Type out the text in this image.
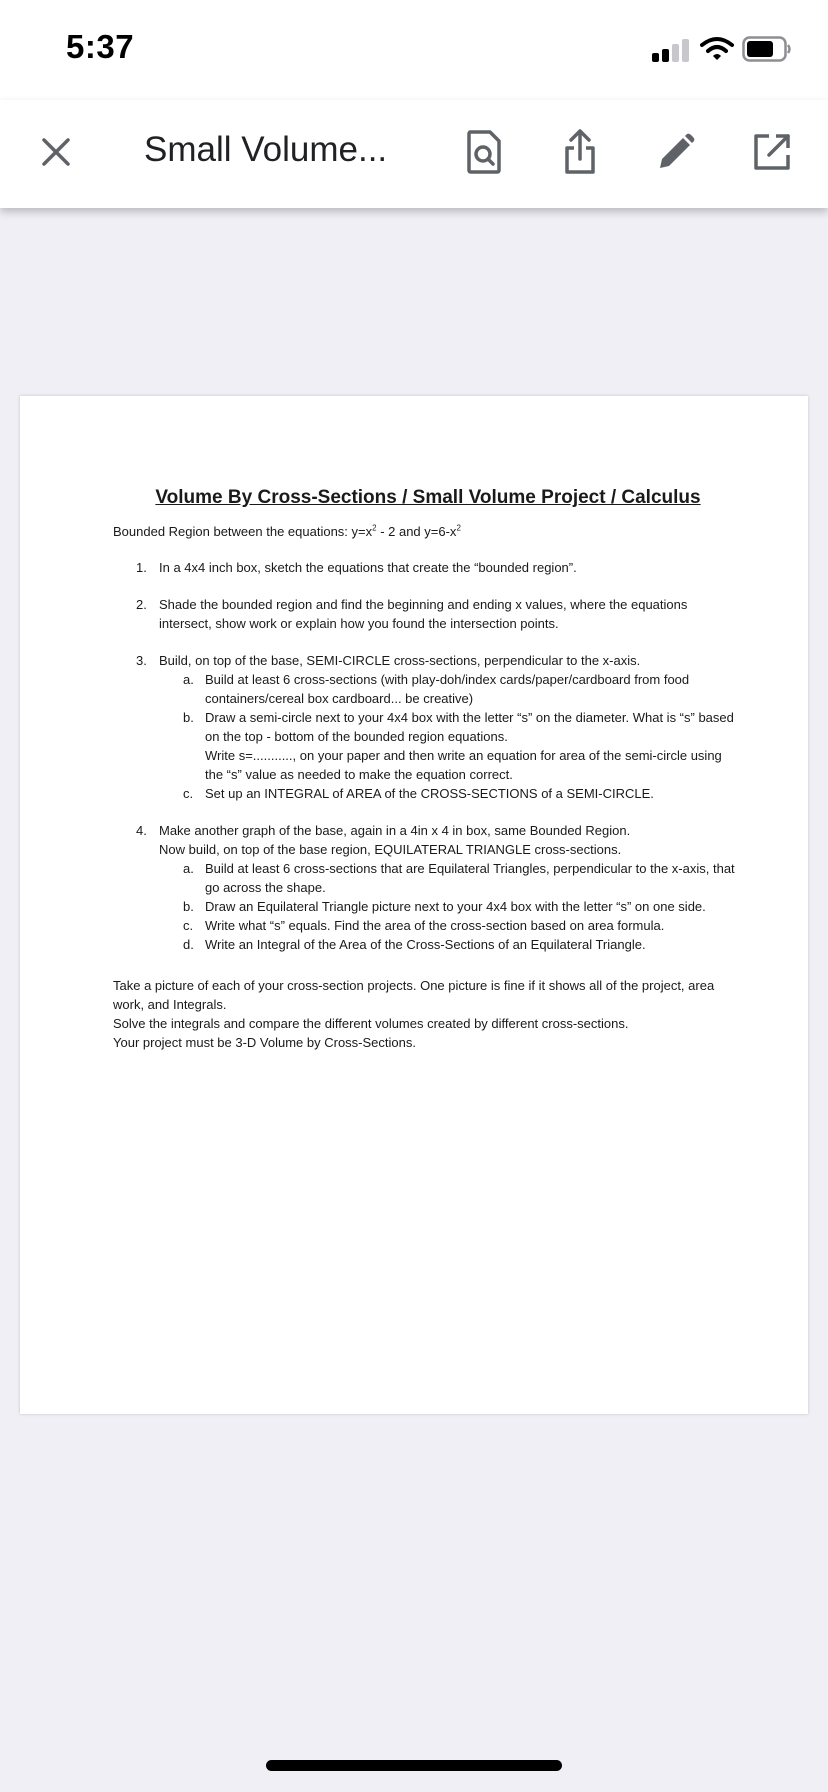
5:37
Small Volume...
Volume By Cross-Sections / Small Volume Project / Calculus
Bounded Region between the equations: $y=x^2 - 2$ and $y=6-x^2$
1. In a 4x4 inch box, sketch the equations that create the “bounded region”.
2. Shade the bounded region and find the beginning and ending x values, where the equations intersect, show work or explain how you found the intersection points.
3. Build, on top of the base, SEMI-CIRCLE cross-sections, perpendicular to the x-axis.
a. Build at least 6 cross-sections (with play-doh/index cards/paper/cardboard from food containers/cereal box cardboard... be creative)
b. Draw a semi-circle next to your 4x4 box with the letter “s” on the diameter. What is “s” based on the top - bottom of the bounded region equations.
Write s=..........., on your paper and then write an equation for area of the semi-circle using the “s” value as needed to make the equation correct.
c. Set up an INTEGRAL of AREA of the CROSS-SECTIONS of a SEMI-CIRCLE.
4. Make another graph of the base, again in a 4in x 4 in box, same Bounded Region.
Now build, on top of the base region, EQUILATERAL TRIANGLE cross-sections.
a. Build at least 6 cross-sections that are Equilateral Triangles, perpendicular to the x-axis, that go across the shape.
b. Draw an Equilateral Triangle picture next to your 4x4 box with the letter “s” on one side.
c. Write what “s” equals. Find the area of the cross-section based on area formula.
d. Write an Integral of the Area of the Cross-Sections of an Equilateral Triangle.

Take a picture of each of your cross-section projects. One picture is fine if it shows all of the project, area work, and Integrals.

Solve the integrals and compare the different volumes created by different cross-sections.

Your project must be 3-D Volume by Cross-Sections.
